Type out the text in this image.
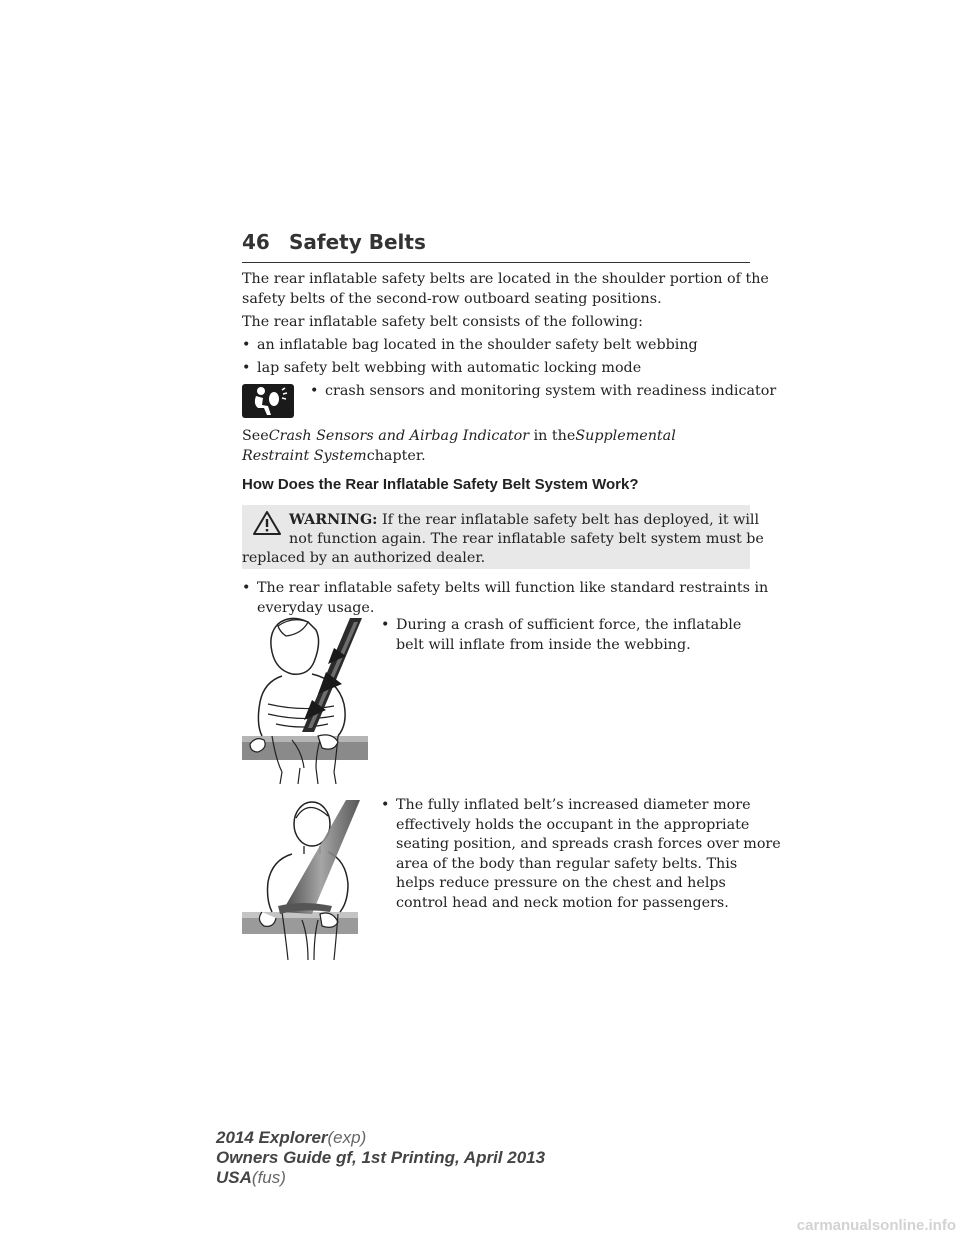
46 Safety Belts
The rear inflatable safety belts are located in the shoulder portion of the
safety belts of the second-row outboard seating positions.
The rear inflatable safety belt consists of the following:
• an inflatable bag located in the shoulder safety belt webbing
• lap safety belt webbing with automatic locking mode
• crash sensors and monitoring system with readiness indicator
SeeCrash Sensors and Airbag Indicator in theSupplemental
Restraint Systemchapter.
How Does the Rear Inflatable Safety Belt System Work?
WARNING: If the rear inflatable safety belt has deployed, it will
not function again. The rear inflatable safety belt system must be
replaced by an authorized dealer.
• The rear inflatable safety belts will function like standard restraints in
everyday usage.
• During a crash of sufficient force, the inflatable
belt will inflate from inside the webbing.
• The fully inflated belt’s increased diameter more
effectively holds the occupant in the appropriate
seating position, and spreads crash forces over more
area of the body than regular safety belts. This
helps reduce pressure on the chest and helps
control head and neck motion for passengers.
2014 Explorer(exp)
Owners Guide gf, 1st Printing, April 2013
USA(fus)
carmanualsonline.info
